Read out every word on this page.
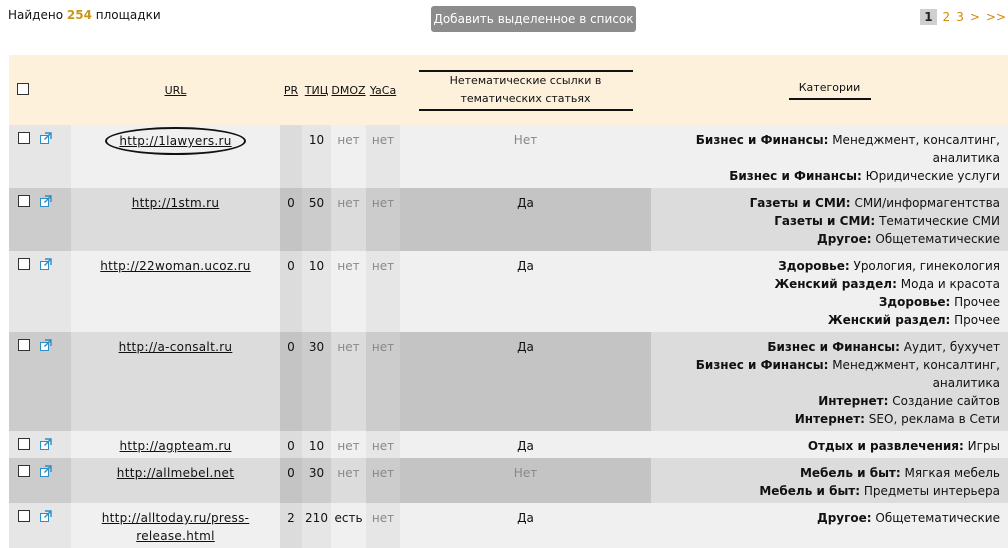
Найдено 254 площадки	Добавить выделенное в список	1 2 3 > >>
		URL	PR	ТИЦ	DMOZ	YaCa	Нетематические ссылки в тематических статьях	Категории
		http://1lawyers.ru		10	нет	нет	Нет	Бизнес и Финансы: Менеджмент, консалтинг, аналитика
Бизнес и Финансы: Юридические услуги

		http://1stm.ru	0	50	нет	нет	Да	Газеты и СМИ: СМИ/информагентства
Газеты и СМИ: Тематические СМИ
Другое: Общетематические

		http://22woman.ucoz.ru	0	10	нет	нет	Да	Здоровье: Урология, гинекология
Женский раздел: Мода и красота
Здоровье: Прочее
Женский раздел: Прочее

		http://a-consalt.ru	0	30	нет	нет	Да	Бизнес и Финансы: Аудит, бухучет
Бизнес и Финансы: Менеджмент, консалтинг, аналитика
Интернет: Создание сайтов
Интернет: SEO, реклама в Сети

		http://agpteam.ru	0	10	нет	нет	Да	Отдых и развлечения: Игры

		http://allmebel.net	0	30	нет	нет	Нет	Мебель и быт: Мягкая мебель
Мебель и быт: Предметы интерьера

		http://alltoday.ru/press-
release.html	2	210	есть	нет	Да	Другое: Общетематические
